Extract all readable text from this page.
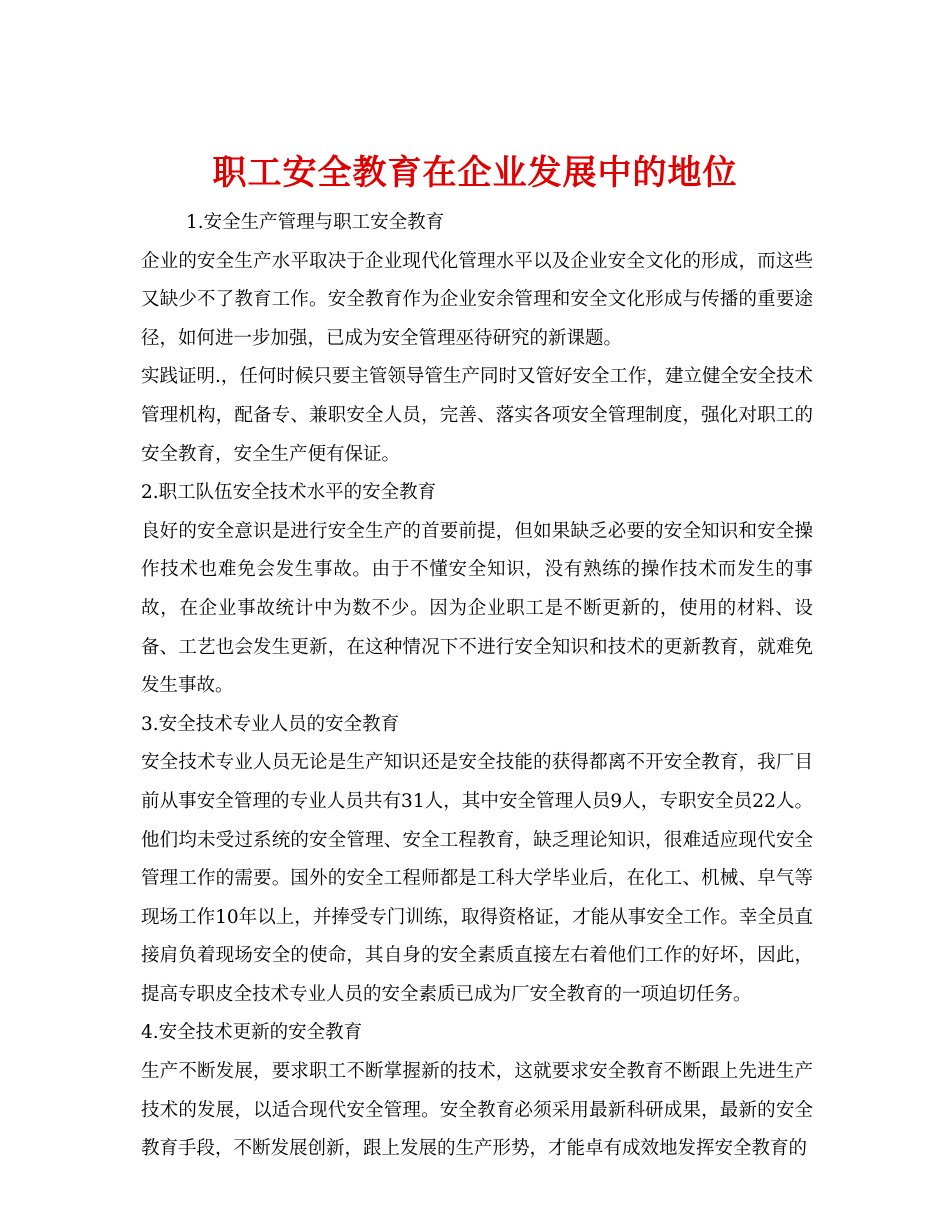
职工安全教育在企业发展中的地位

1.安全生产管理与职工安全教育

企业的安全生产水平取决于企业现代化管理水平以及企业安全文化的形成，而这些又缺少不了教育工作。安全教育作为企业安余管理和安全文化形成与传播的重要途径，如何进一步加强，已成为安全管理巫待研究的新课题。

实践证明.，任何时候只要主管领导管生产同时又管好安全工作，建立健全安全技术管理机构，配备专、兼职安全人员，完善、落实各项安全管理制度，强化对职工的安全教育，安全生产便有保证。

2.职工队伍安全技术水平的安全教育

良好的安全意识是进行安全生产的首要前提，但如果缺乏必要的安全知识和安全操作技术也难免会发生事故。由于不懂安全知识，没有熟练的操作技术而发生的事故，在企业事故统计中为数不少。因为企业职工是不断更新的，使用的材料、设备、工艺也会发生更新，在这种情况下不进行安全知识和技术的更新教育，就难免发生事故。

3.安全技术专业人员的安全教育

安全技术专业人员无论是生产知识还是安全技能的获得都离不开安全教育，我厂目前从事安全管理的专业人员共有31人，其中安全管理人员9人，专职安全员22人。他们均未受过系统的安全管理、安全工程教育，缺乏理论知识，很难适应现代安全管理工作的需要。国外的安全工程师都是工科大学毕业后，在化工、机械、皁气等现场工作10年以上，并捧受专门训练，取得资格证，才能从事安全工作。幸全员直接肩负着现场安全的使命，其自身的安全素质直接左右着他们工作的好坏，因此，提高专职皮全技术专业人员的安全素质已成为厂安全教育的一项迫切任务。

4.安全技术更新的安全教育

生产不断发展，要求职工不断掌握新的技术，这就要求安全教育不断跟上先进生产技术的发展，以适合现代安全管理。安全教育必须采用最新科研成果，最新的安全教育手段，不断发展创新，跟上发展的生产形势，才能卓有成效地发挥安全教育的
